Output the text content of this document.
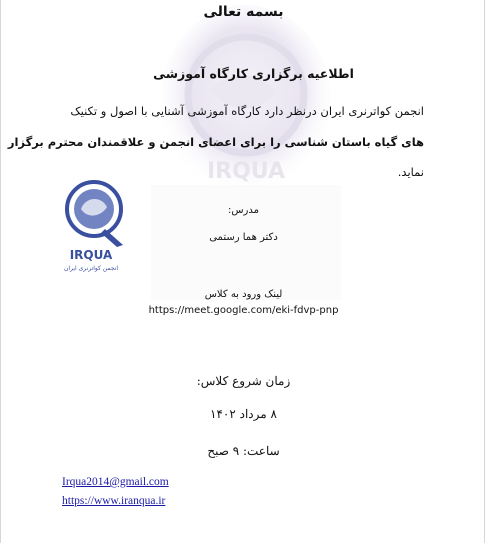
IRQUA
بسمه تعالی
اطلاعیه برگزاری کارگاه آموزشی
انجمن کواترنری ایران درنظر دارد کارگاه آموزشی آشنایی با اصول و تکنیک
های گیاه باستان شناسی را برای اعضای انجمن و علاقمندان محترم برگزار
نماید.
IRQUA
انجمن کواترنری ایران
مدرس:
دکتر هما رستمی
لینک ورود به کلاس
https://meet.google.com/eki-fdvp-pnp
زمان شروع کلاس:
۸ مرداد ۱۴۰۲
ساعت: ۹ صبح
Irqua2014@gmail.com
https://www.iranqua.ir
